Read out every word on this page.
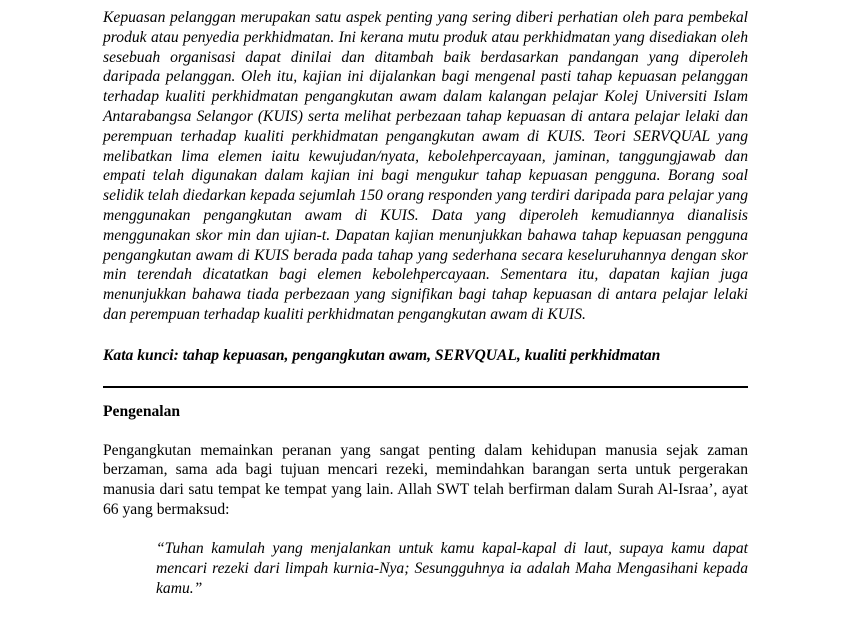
Kepuasan pelanggan merupakan satu aspek penting yang sering diberi perhatian oleh para pembekal produk atau penyedia perkhidmatan. Ini kerana mutu produk atau perkhidmatan yang disediakan oleh sesebuah organisasi dapat dinilai dan ditambah baik berdasarkan pandangan yang diperoleh daripada pelanggan. Oleh itu, kajian ini dijalankan bagi mengenal pasti tahap kepuasan pelanggan terhadap kualiti perkhidmatan pengangkutan awam dalam kalangan pelajar Kolej Universiti Islam Antarabangsa Selangor (KUIS) serta melihat perbezaan tahap kepuasan di antara pelajar lelaki dan perempuan terhadap kualiti perkhidmatan pengangkutan awam di KUIS. Teori SERVQUAL yang melibatkan lima elemen iaitu kewujudan/nyata, kebolehpercayaan, jaminan, tanggungjawab dan empati telah digunakan dalam kajian ini bagi mengukur tahap kepuasan pengguna. Borang soal selidik telah diedarkan kepada sejumlah 150 orang responden yang terdiri daripada para pelajar yang menggunakan pengangkutan awam di KUIS. Data yang diperoleh kemudiannya dianalisis menggunakan skor min dan ujian-t. Dapatan kajian menunjukkan bahawa tahap kepuasan pengguna pengangkutan awam di KUIS berada pada tahap yang sederhana secara keseluruhannya dengan skor min terendah dicatatkan bagi elemen kebolehpercayaan. Sementara itu, dapatan kajian juga menunjukkan bahawa tiada perbezaan yang signifikan bagi tahap kepuasan di antara pelajar lelaki dan perempuan terhadap kualiti perkhidmatan pengangkutan awam di KUIS.

Kata kunci: tahap kepuasan, pengangkutan awam, SERVQUAL, kualiti perkhidmatan

Pengenalan

Pengangkutan memainkan peranan yang sangat penting dalam kehidupan manusia sejak zaman berzaman, sama ada bagi tujuan mencari rezeki, memindahkan barangan serta untuk pergerakan manusia dari satu tempat ke tempat yang lain. Allah SWT telah berfirman dalam Surah Al-Israa’, ayat 66 yang bermaksud:

“Tuhan kamulah yang menjalankan untuk kamu kapal-kapal di laut, supaya kamu dapat mencari rezeki dari limpah kurnia-Nya; Sesungguhnya ia adalah Maha Mengasihani kepada kamu.”
